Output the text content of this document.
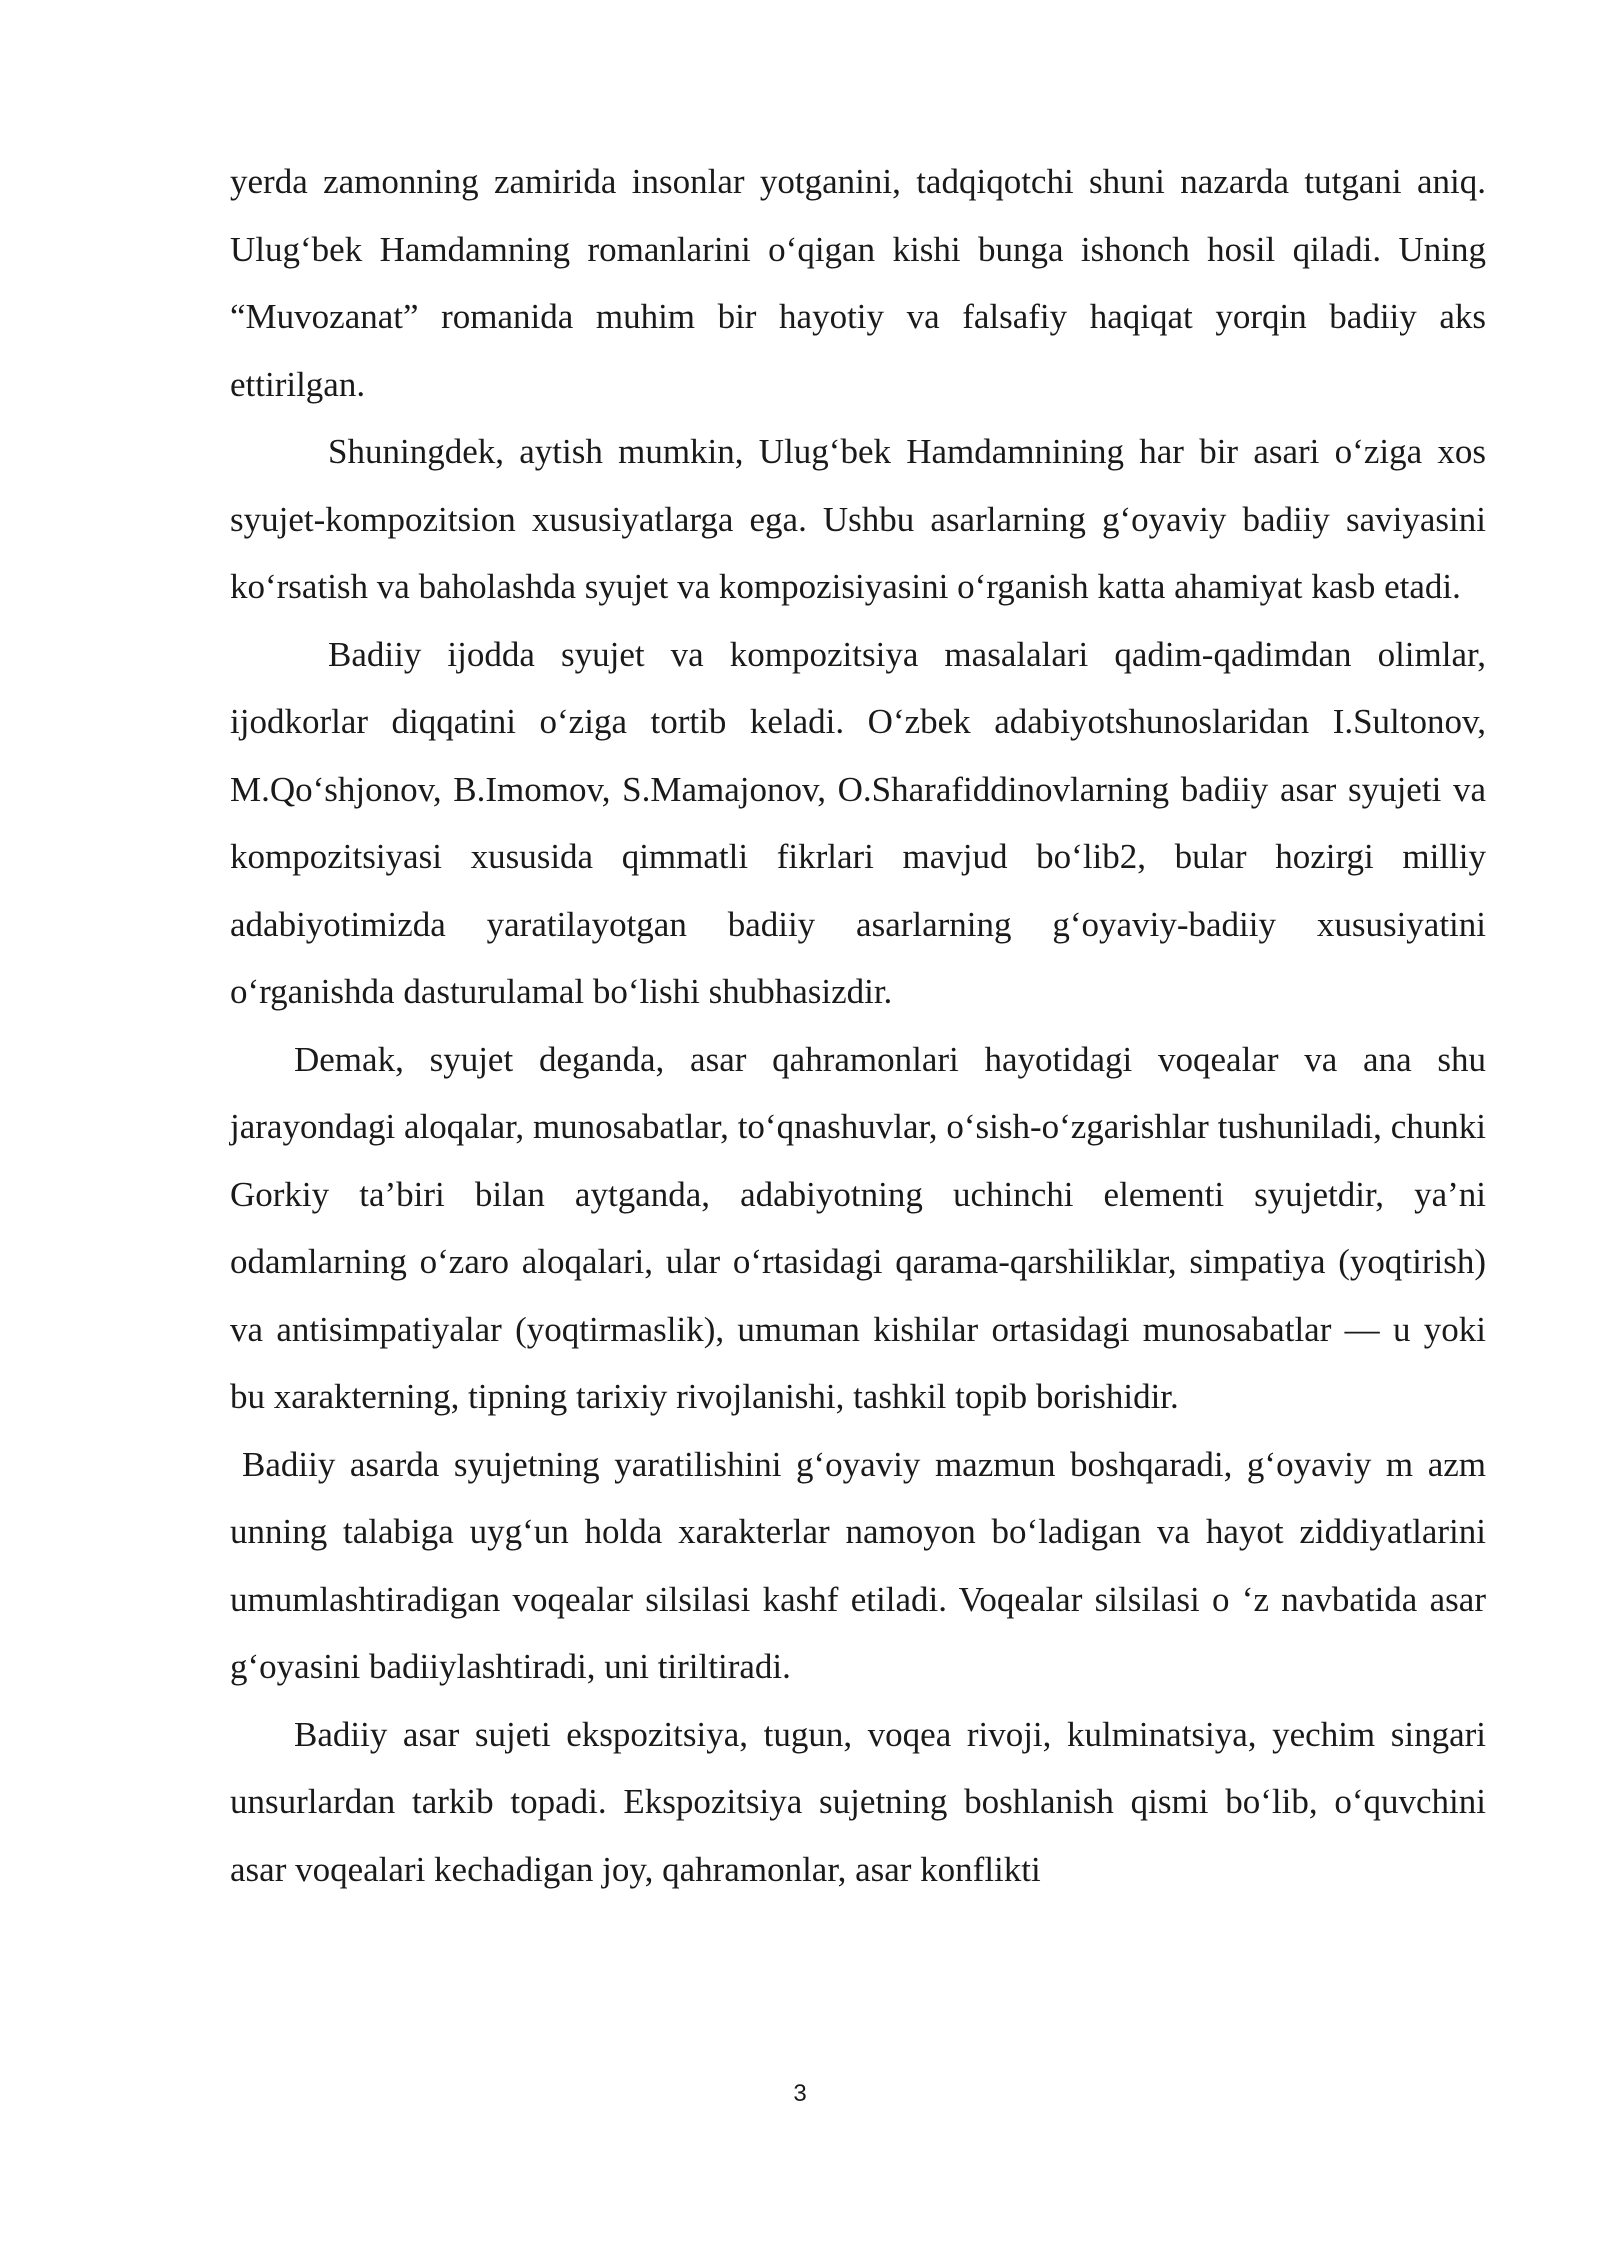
yerda zamonning zamirida insonlar yotganini, tadqiqotchi shuni nazarda tutgani aniq. Ulug‘bek Hamdamning romanlarini o‘qigan kishi bunga ishonch hosil qiladi. Uning “Muvozanat” romanida muhim bir hayotiy va falsafiy haqiqat yorqin badiiy aks ettirilgan.

Shuningdek, aytish mumkin, Ulug‘bek Hamdamnining har bir asari o‘ziga xos syujet-kompozitsion xususiyatlarga ega. Ushbu asarlarning g‘oyaviy badiiy saviyasini ko‘rsatish va baholashda syujet va kompozisiyasini o‘rganish katta ahamiyat kasb etadi.

Badiiy ijodda syujet va kompozitsiya masalalari qadim-qadimdan olimlar, ijodkorlar diqqatini o‘ziga tortib keladi. O‘zbek adabiyotshunoslaridan I.Sultonov, M.Qo‘shjonov, B.Imomov, S.Mamajonov, O.Sharafiddinovlarning badiiy asar syujeti va kompozitsiyasi xususida qimmatli fikrlari mavjud bo‘lib2, bular hozirgi milliy adabiyotimizda yaratilayotgan badiiy asarlarning g‘oyaviy-badiiy xususiyatini o‘rganishda dasturulamal bo‘lishi shubhasizdir.

Demak, syujet deganda, asar qahramonlari hayotidagi voqealar va ana shu jarayondagi aloqalar, munosabatlar, to‘qnashuvlar, o‘sish-o‘zgarishlar tushuniladi, chunki Gorkiy ta’biri bilan aytganda, adabiyotning uchinchi elementi syujetdir, ya’ni odamlarning o‘zaro aloqalari, ular o‘rtasidagi qarama-qarshiliklar, simpatiya (yoqtirish) va antisimpatiyalar (yoqtirmaslik), umuman kishilar ortasidagi munosabatlar — u yoki bu xarakterning, tipning tarixiy rivojlanishi, tashkil topib borishidir.

Badiiy asarda syujetning yaratilishini g‘oyaviy mazmun boshqaradi, g‘oyaviy m azm unning talabiga uyg‘un holda xarakterlar namoyon bo‘ladigan va hayot ziddiyatlarini umumlashtiradigan voqealar silsilasi kashf etiladi. Voqealar silsilasi o ‘z navbatida asar g‘oyasini badiiylashtiradi, uni tiriltiradi.

Badiiy asar sujeti ekspozitsiya, tugun, voqea rivoji, kulminatsiya, yechim singari unsurlardan tarkib topadi. Ekspozitsiya sujetning boshlanish qismi bo‘lib, o‘quvchini asar voqealari kechadigan joy, qahramonlar, asar konflikti

3
